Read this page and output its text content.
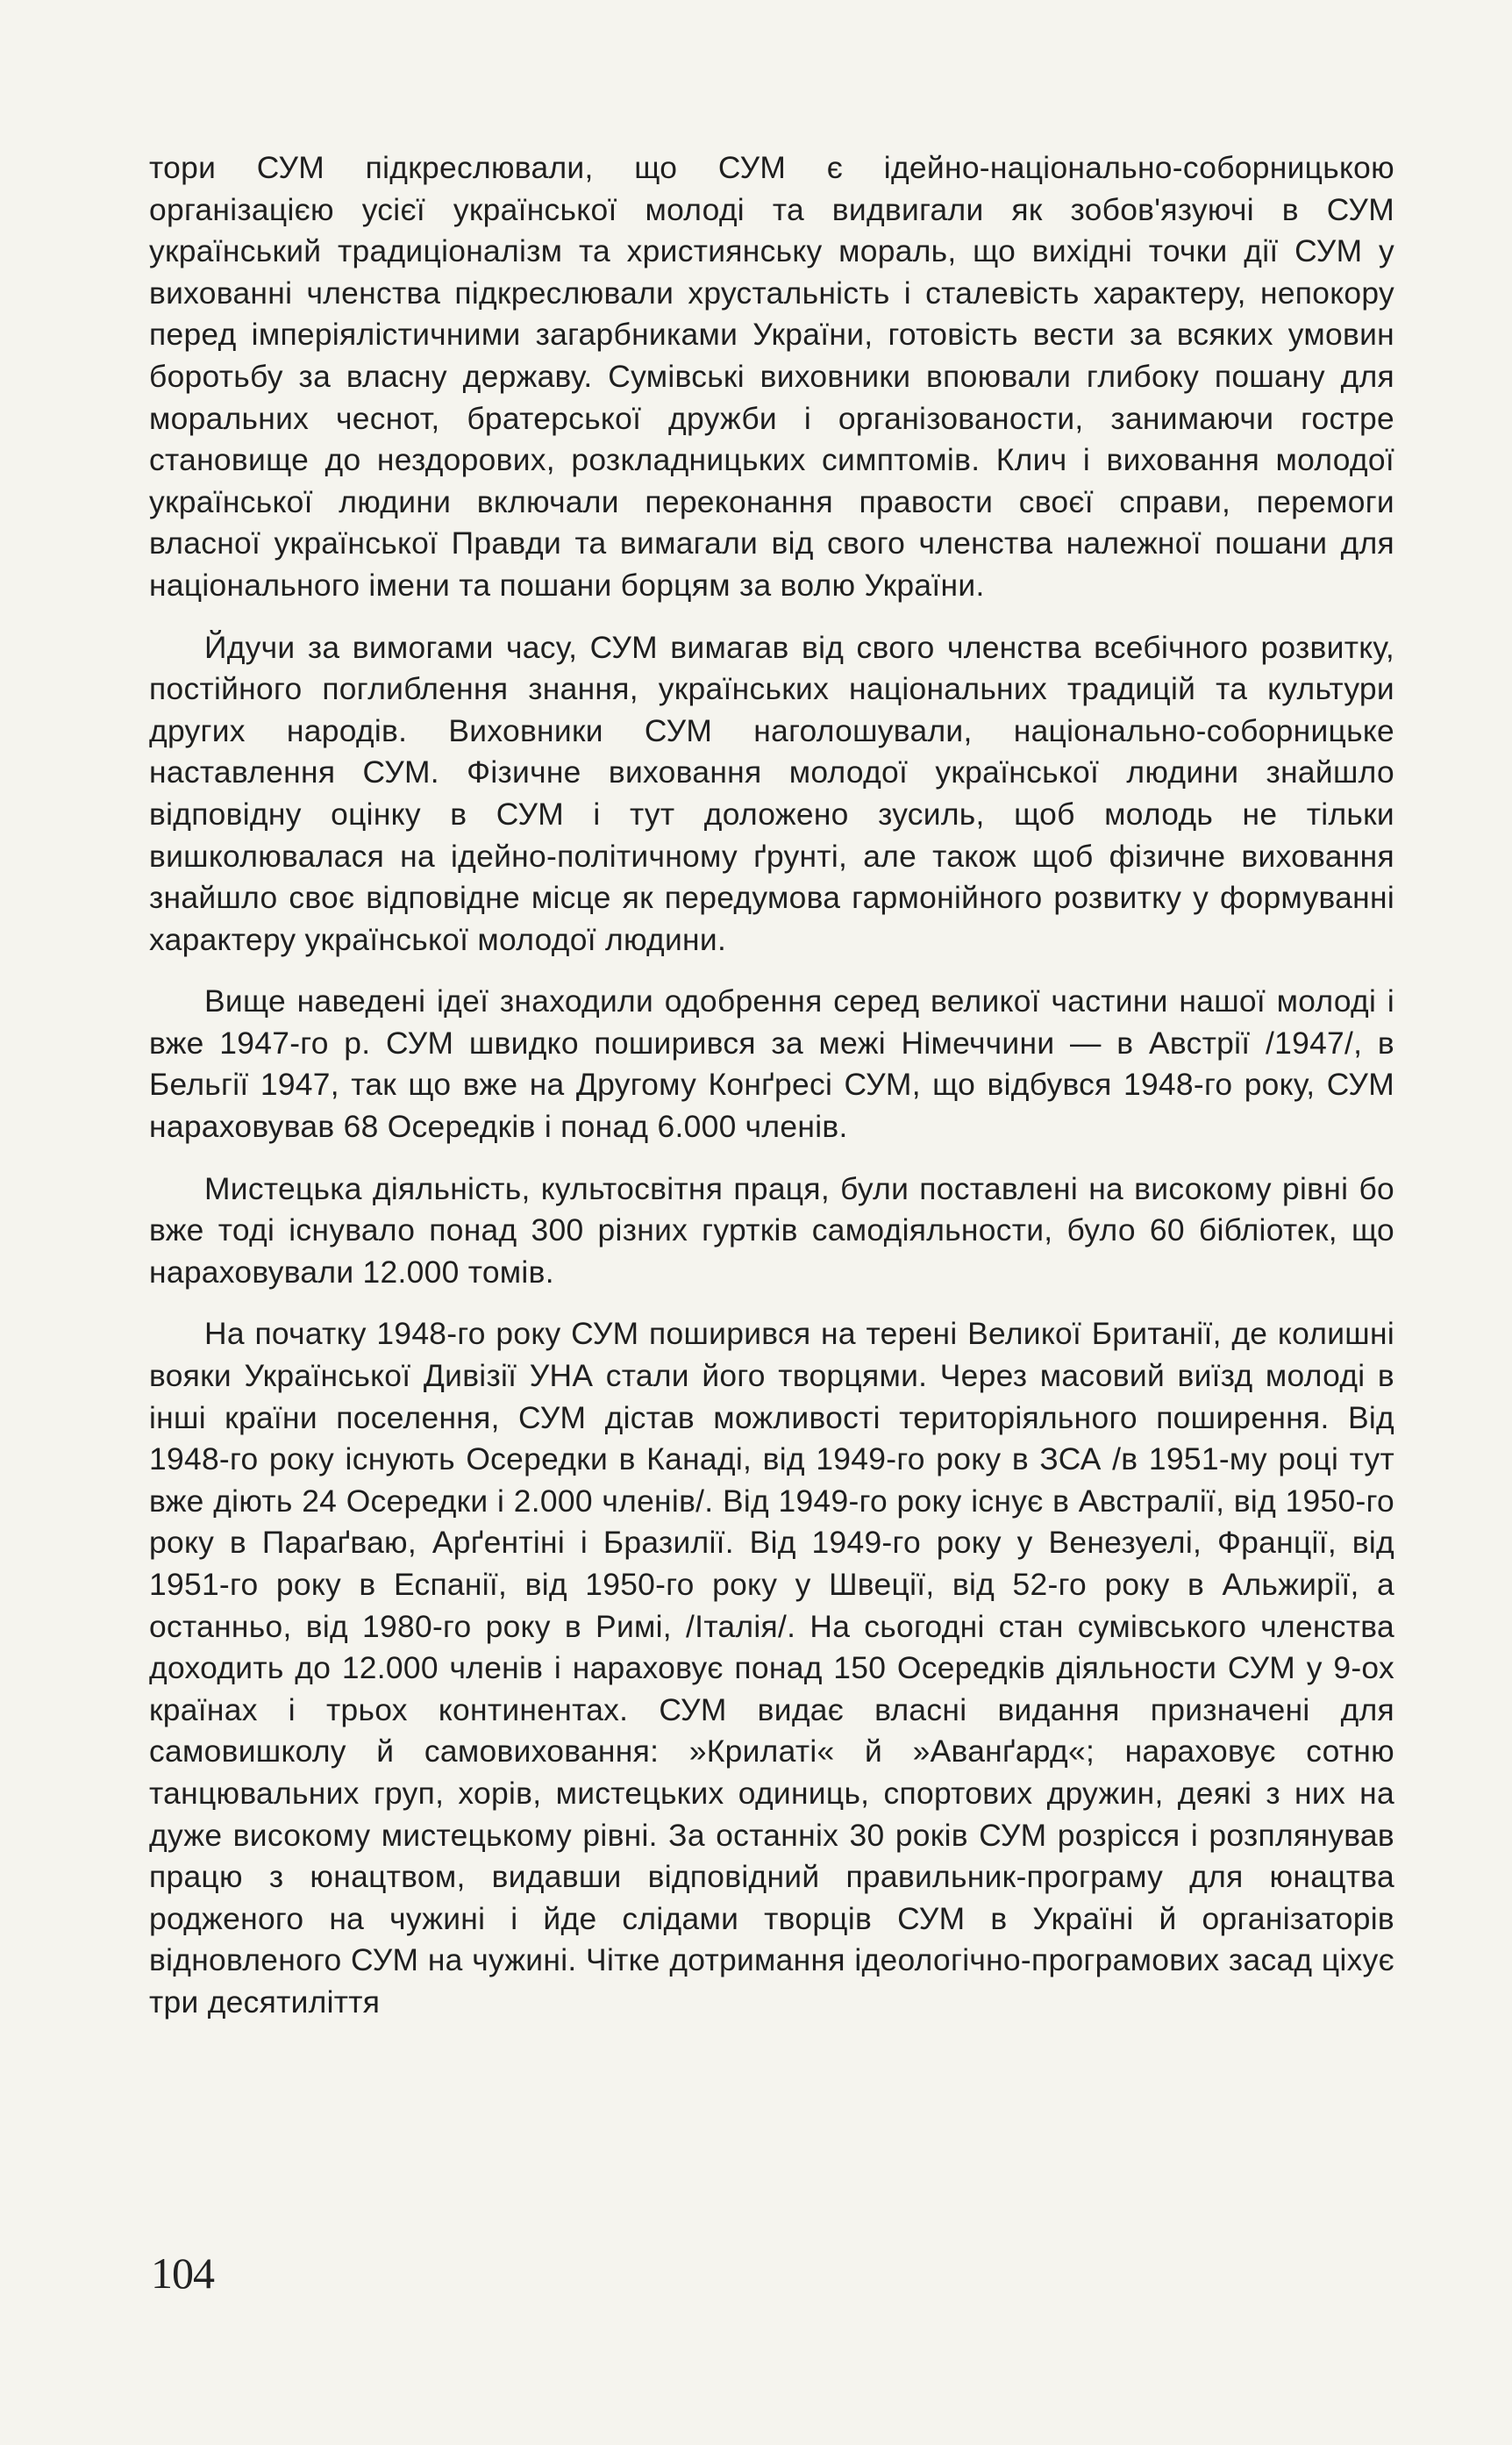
тори СУМ підкреслювали, що СУМ є ідейно-національно-соборницькою організацією усієї української молоді та видвигали як зобов'язуючі в СУМ український традиціоналізм та християнську мораль, що вихідні точки дії СУМ у вихованні членства підкреслювали хрустальність і сталевість характеру, непокору перед імперіялістичними загарбниками України, готовість вести за всяких умовин боротьбу за власну державу. Сумівські виховники впоювали глибоку пошану для моральних чеснот, братерської дружби і організованости, занимаючи гостре становище до нездорових, розкладницьких симптомів. Клич і виховання молодої української людини включали переконання правости своєї справи, перемоги власної української Правди та вимагали від свого членства належної пошани для національного імени та пошани борцям за волю України.

Йдучи за вимогами часу, СУМ вимагав від свого членства всебічного розвитку, постійного поглиблення знання, українських національних традицій та культури других народів. Виховники СУМ наголошували, національно-соборницьке наставлення СУМ. Фізичне виховання молодої української людини знайшло відповідну оцінку в СУМ і тут доложено зусиль, щоб молодь не тільки вишколювалася на ідейно-політичному ґрунті, але також щоб фізичне виховання знайшло своє відповідне місце як передумова гармонійного розвитку у формуванні характеру української молодої людини.

Вище наведені ідеї знаходили одобрення серед великої частини нашої молоді і вже 1947-го р. СУМ швидко поширився за межі Німеччини — в Австрії /1947/, в Бельгії 1947, так що вже на Другому Конґресі СУМ, що відбувся 1948-го року, СУМ нараховував 68 Осередків і понад 6.000 членів.

Мистецька діяльність, культосвітня праця, були поставлені на високому рівні бо вже тоді існувало понад 300 різних гуртків самодіяльности, було 60 бібліотек, що нараховували 12.000 томів.

На початку 1948-го року СУМ поширився на терені Великої Британії, де колишні вояки Української Дивізії УНА стали його творцями. Через масовий виїзд молоді в інші країни поселення, СУМ дістав можливості територіяльного поширення. Від 1948-го року існують Осередки в Канаді, від 1949-го року в ЗСА /в 1951-му році тут вже діють 24 Осередки і 2.000 членів/. Від 1949-го року існує в Австралії, від 1950-го року в Параґваю, Арґентіні і Бразилії. Від 1949-го року у Венезуелі, Франції, від 1951-го року в Еспанії, від 1950-го року у Швеції, від 52-го року в Альжирії, а останньо, від 1980-го року в Римі, /Італія/. На сьогодні стан сумівського членства доходить до 12.000 членів і нараховує понад 150 Осередків діяльности СУМ у 9-ох країнах і трьох континентах. СУМ видає власні видання призначені для самовишколу й самовиховання: »Крилаті« й »Аванґард«; нараховує сотню танцювальних груп, хорів, мистецьких одиниць, спортових дружин, деякі з них на дуже високому мистецькому рівні. За останніх 30 років СУМ розрісся і розплянував працю з юнацтвом, видавши відповідний правильник-програму для юнацтва родженого на чужині і йде слідами творців СУМ в Україні й організаторів відновленого СУМ на чужині. Чітке дотримання ідеологічно-програмових засад ціхує три десятиліття

104
